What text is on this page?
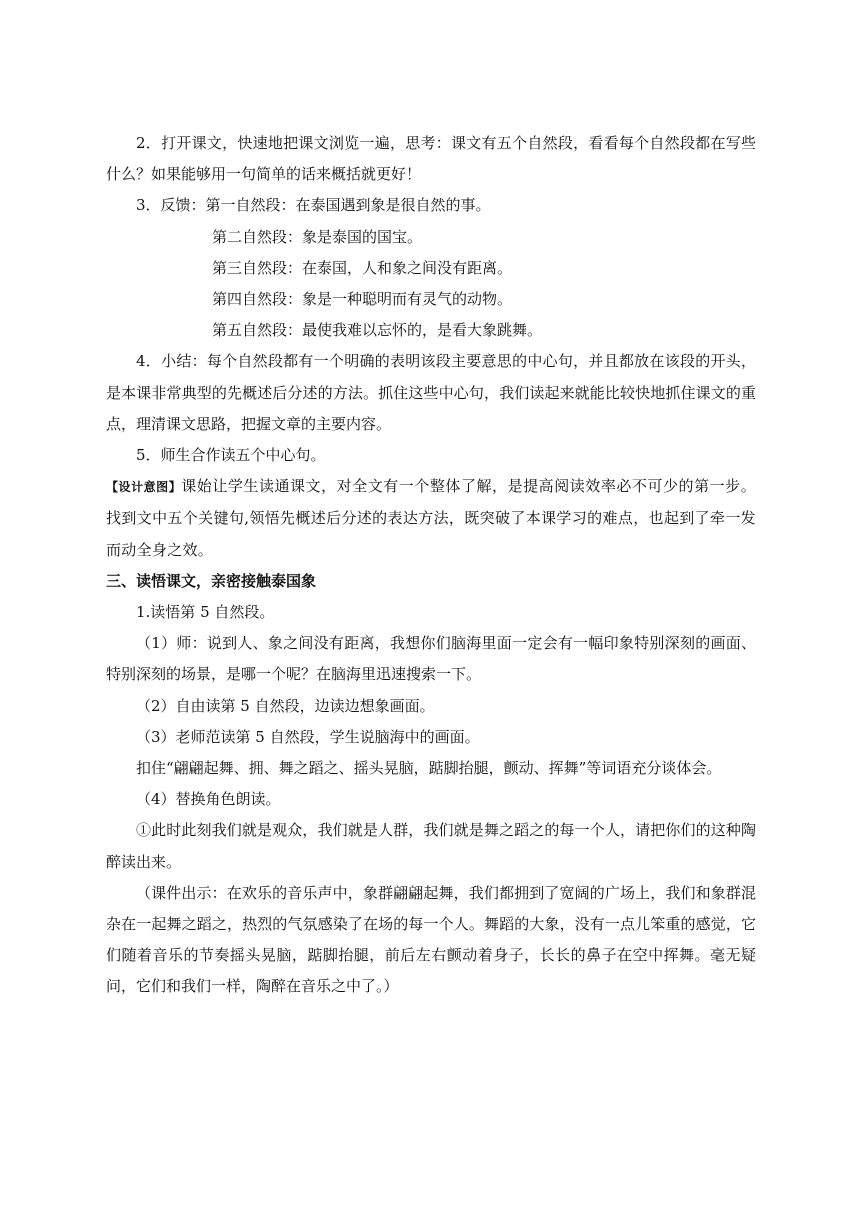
2．打开课文，快速地把课文浏览一遍，思考：课文有五个自然段，看看每个自然段都在写些什么？如果能够用一句简单的话来概括就更好！

3．反馈：第一自然段：在泰国遇到象是很自然的事。

第二自然段：象是泰国的国宝。

第三自然段：在泰国，人和象之间没有距离。

第四自然段：象是一种聪明而有灵气的动物。

第五自然段：最使我难以忘怀的，是看大象跳舞。

4．小结：每个自然段都有一个明确的表明该段主要意思的中心句，并且都放在该段的开头，是本课非常典型的先概述后分述的方法。抓住这些中心句，我们读起来就能比较快地抓住课文的重点，理清课文思路，把握文章的主要内容。

5．师生合作读五个中心句。

【设计意图】课始让学生读通课文，对全文有一个整体了解，是提高阅读效率必不可少的第一步。找到文中五个关键句,领悟先概述后分述的表达方法，既突破了本课学习的难点，也起到了牵一发而动全身之效。

三、读悟课文，亲密接触泰国象

1.读悟第 5 自然段。

（1）师：说到人、象之间没有距离，我想你们脑海里面一定会有一幅印象特别深刻的画面、特别深刻的场景，是哪一个呢？在脑海里迅速搜索一下。

（2）自由读第 5 自然段，边读边想象画面。

（3）老师范读第 5 自然段，学生说脑海中的画面。

扣住“翩翩起舞、拥、舞之蹈之、摇头晃脑，踮脚抬腿，颤动、挥舞”等词语充分谈体会。

（4）替换角色朗读。

①此时此刻我们就是观众，我们就是人群，我们就是舞之蹈之的每一个人，请把你们的这种陶醉读出来。

（课件出示：在欢乐的音乐声中，象群翩翩起舞，我们都拥到了宽阔的广场上，我们和象群混杂在一起舞之蹈之，热烈的气氛感染了在场的每一个人。舞蹈的大象，没有一点儿笨重的感觉，它们随着音乐的节奏摇头晃脑，踮脚抬腿，前后左右颤动着身子，长长的鼻子在空中挥舞。毫无疑问，它们和我们一样，陶醉在音乐之中了。）
